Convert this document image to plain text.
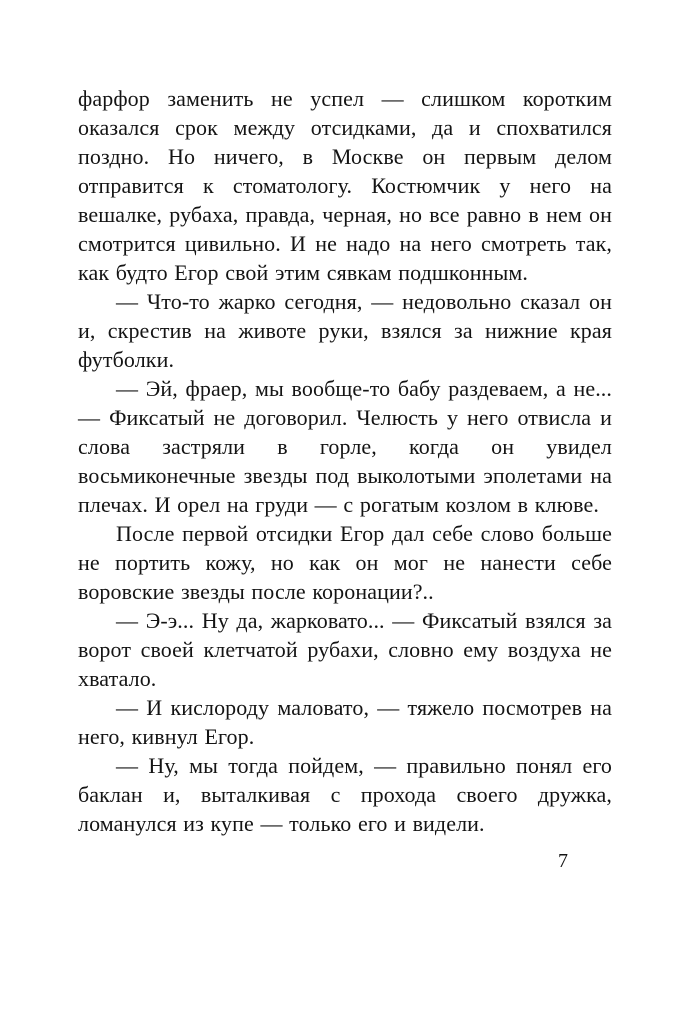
фарфор заменить не успел — слишком коротким оказался срок между отсидками, да и спохватился поздно. Но ничего, в Москве он первым делом отправится к стоматологу. Костюмчик у него на вешалке, рубаха, правда, черная, но все равно в нем он смотрится цивильно. И не надо на него смотреть так, как будто Егор свой этим сявкам подшконным.

— Что-то жарко сегодня, — недовольно сказал он и, скрестив на животе руки, взялся за нижние края футболки.

— Эй, фраер, мы вообще-то бабу раздеваем, а не... — Фиксатый не договорил. Челюсть у него отвисла и слова застряли в горле, когда он увидел восьмиконечные звезды под выколотыми эполетами на плечах. И орел на груди — с рогатым козлом в клюве.

После первой отсидки Егор дал себе слово больше не портить кожу, но как он мог не нанести себе воровские звезды после коронации?..

— Э-э... Ну да, жарковато... — Фиксатый взялся за ворот своей клетчатой рубахи, словно ему воздуха не хватало.

— И кислороду маловато, — тяжело посмотрев на него, кивнул Егор.

— Ну, мы тогда пойдем, — правильно понял его баклан и, выталкивая с прохода своего дружка, ломанулся из купе — только его и видели.

7
